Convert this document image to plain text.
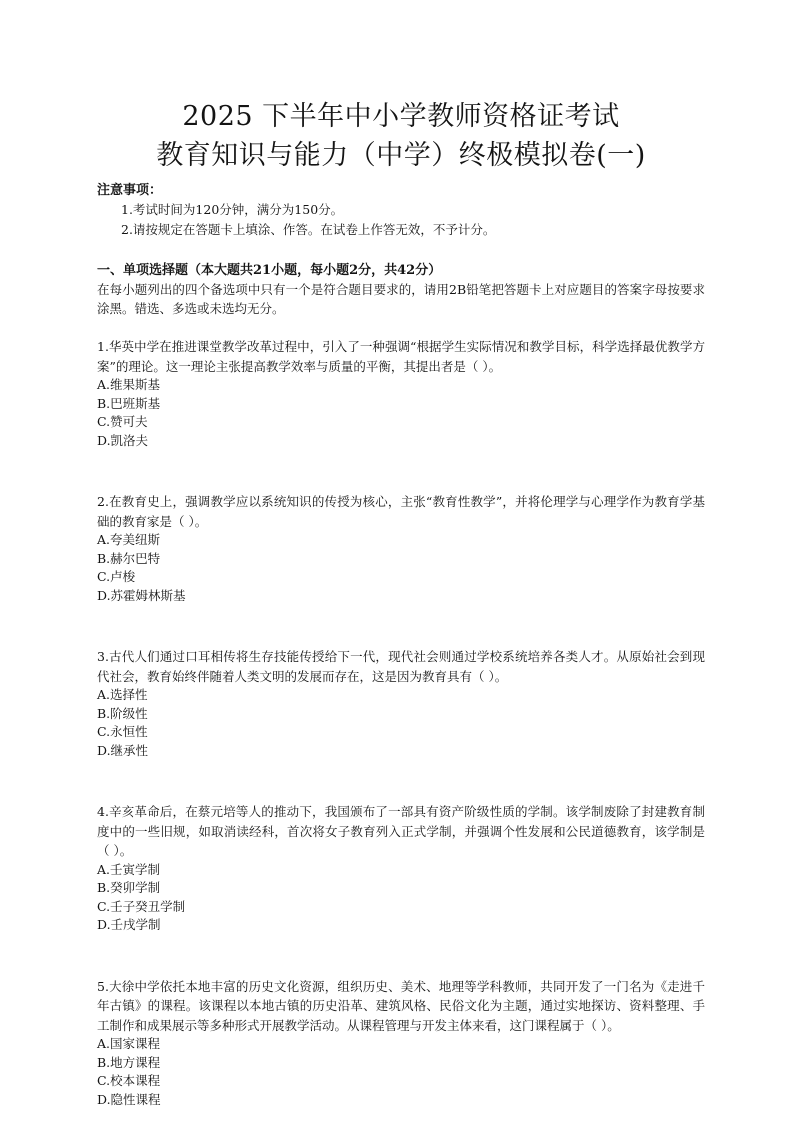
2025 下半年中小学教师资格证考试
教育知识与能力（中学）终极模拟卷(一)
注意事项：
1.考试时间为120分钟，满分为150分。
2.请按规定在答题卡上填涂、作答。在试卷上作答无效，不予计分。
一、单项选择题（本大题共21小题，每小题2分，共42分）
在每小题列出的四个备选项中只有一个是符合题目要求的，请用2B铅笔把答题卡上对应题目的答案字母按要求涂黑。错选、多选或未选均无分。
1.华英中学在推进课堂教学改革过程中，引入了一种强调“根据学生实际情况和教学目标，科学选择最优教学方案”的理论。这一理论主张提高教学效率与质量的平衡，其提出者是（ ）。
A.维果斯基
B.巴班斯基
C.赞可夫
D.凯洛夫
2.在教育史上，强调教学应以系统知识的传授为核心，主张“教育性教学”，并将伦理学与心理学作为教育学基础的教育家是（ ）。
A.夸美纽斯
B.赫尔巴特
C.卢梭
D.苏霍姆林斯基
3.古代人们通过口耳相传将生存技能传授给下一代，现代社会则通过学校系统培养各类人才。从原始社会到现代社会，教育始终伴随着人类文明的发展而存在，这是因为教育具有（ ）。
A.选择性
B.阶级性
C.永恒性
D.继承性
4.辛亥革命后，在蔡元培等人的推动下，我国颁布了一部具有资产阶级性质的学制。该学制废除了封建教育制度中的一些旧规，如取消读经科，首次将女子教育列入正式学制，并强调个性发展和公民道德教育，该学制是（ ）。
A.壬寅学制
B.癸卯学制
C.壬子癸丑学制
D.壬戌学制
5.大徐中学依托本地丰富的历史文化资源，组织历史、美术、地理等学科教师，共同开发了一门名为《走进千年古镇》的课程。该课程以本地古镇的历史沿革、建筑风格、民俗文化为主题，通过实地探访、资料整理、手工制作和成果展示等多种形式开展教学活动。从课程管理与开发主体来看，这门课程属于（ ）。
A.国家课程
B.地方课程
C.校本课程
D.隐性课程
